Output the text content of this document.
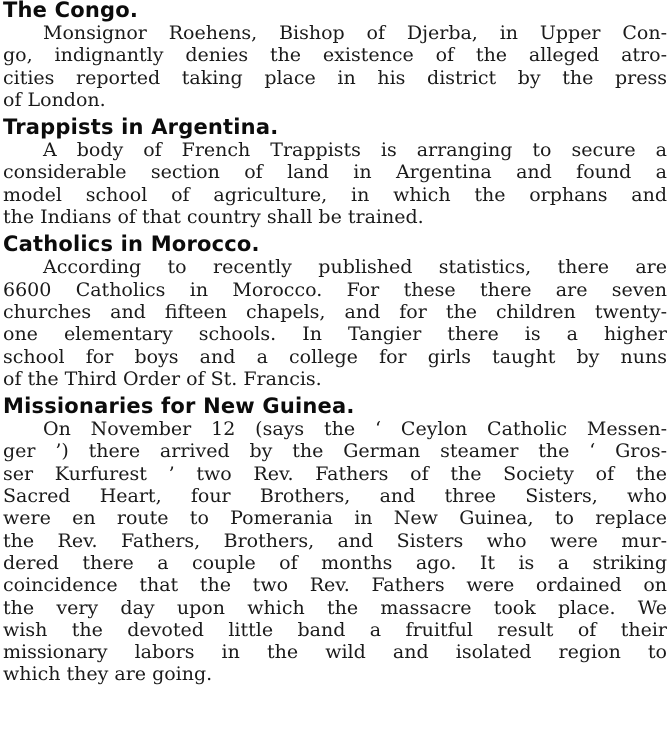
The Congo.
Monsignor Roehens, Bishop of Djerba, in Upper Con-
go, indignantly denies the existence of the alleged atro-
cities reported taking place in his district by the press
of London.
Trappists in Argentina.
A body of French Trappists is arranging to secure a
considerable section of land in Argentina and found a
model school of agriculture, in which the orphans and
the Indians of that country shall be trained.
Catholics in Morocco.
According to recently published statistics, there are
6600 Catholics in Morocco. For these there are seven
churches and fifteen chapels, and for the children twenty-
one elementary schools. In Tangier there is a higher
school for boys and a college for girls taught by nuns
of the Third Order of St. Francis.
Missionaries for New Guinea.
On November 12 (says the ‘ Ceylon Catholic Messen-
ger ’) there arrived by the German steamer the ‘ Gros-
ser Kurfurest ’ two Rev. Fathers of the Society of the
Sacred Heart, four Brothers, and three Sisters, who
were en route to Pomerania in New Guinea, to replace
the Rev. Fathers, Brothers, and Sisters who were mur-
dered there a couple of months ago. It is a striking
coincidence that the two Rev. Fathers were ordained on
the very day upon which the massacre took place. We
wish the devoted little band a fruitful result of their
missionary labors in the wild and isolated region to
which they are going.
